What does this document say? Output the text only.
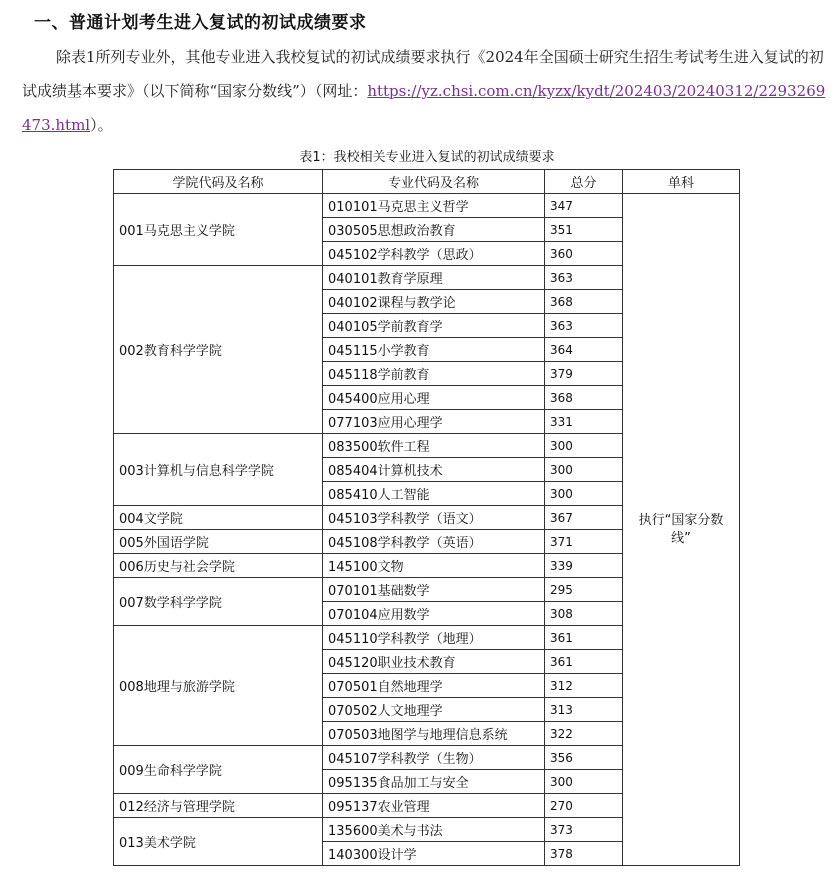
一、普通计划考生进入复试的初试成绩要求
除表1所列专业外，其他专业进入我校复试的初试成绩要求执行《2024年全国硕士研究生招生考试考生进入复试的初试成绩基本要求》（以下简称“国家分数线”）（网址：https://yz.chsi.com.cn/kyzx/kydt/202403/20240312/2293269473.html）。
表1：我校相关专业进入复试的初试成绩要求
学院代码及名称	专业代码及名称	总分	单科
001马克思主义学院	010101马克思主义哲学	347	执行“国家分数线”
	030505思想政治教育	351	
	045102学科教学（思政）	360	
002教育科学学院	040101教育学原理	363	
	040102课程与教学论	368	
	040105学前教育学	363	
	045115小学教育	364	
	045118学前教育	379	
	045400应用心理	368	
	077103应用心理学	331	
003计算机与信息科学学院	083500软件工程	300	
	085404计算机技术	300	
	085410人工智能	300	
004文学院	045103学科教学（语文）	367	
005外国语学院	045108学科教学（英语）	371	
006历史与社会学院	145100文物	339	
007数学科学学院	070101基础数学	295	
	070104应用数学	308	
008地理与旅游学院	045110学科教学（地理）	361	
	045120职业技术教育	361	
	070501自然地理学	312	
	070502人文地理学	313	
	070503地图学与地理信息系统	322	
009生命科学学院	045107学科教学（生物）	356	
	095135食品加工与安全	300	
012经济与管理学院	095137农业管理	270	
013美术学院	135600美术与书法	373	
	140300设计学	378	
